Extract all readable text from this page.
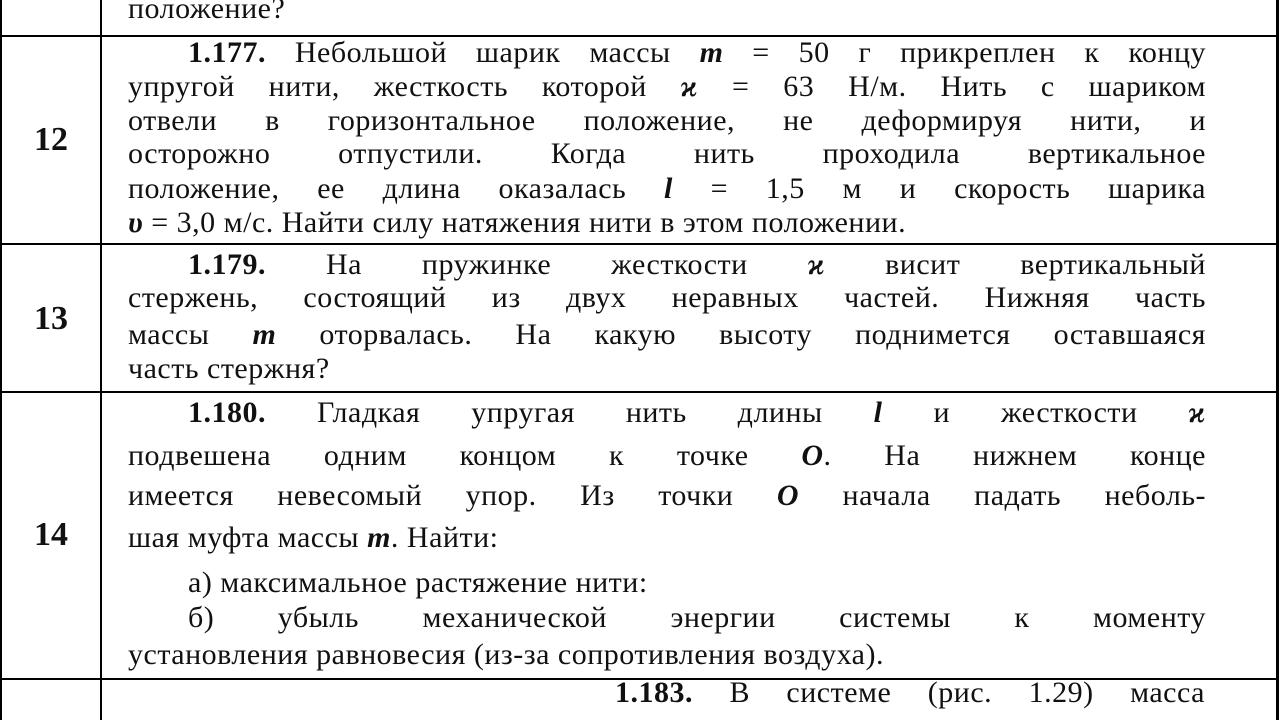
положение?
12
1.177. Небольшой шарик массы m = 50 г прикреплен к концу
упругой нити, жесткость которой ϰ = 63 Н/м. Нить с шариком
отвели в горизонтальное положение, не деформируя нити, и
осторожно отпустили. Когда нить проходила вертикальное
положение, ее длина оказалась l = 1,5 м и скорость шарика
υ = 3,0 м/с. Найти силу натяжения нити в этом положении.
13
1.179. На пружинке жесткости ϰ висит вертикальный
стержень, состоящий из двух неравных частей. Нижняя часть
массы m оторвалась. На какую высоту поднимется оставшаяся
часть стержня?
14
1.180. Гладкая упругая нить длины l и жесткости ϰ
подвешена одним концом к точке O. На нижнем конце
имеется невесомый упор. Из точки O начала падать неболь-
шая муфта массы m. Найти:
а) максимальное растяжение нити:
б) убыль механической энергии системы к моменту
установления равновесия (из-за сопротивления воздуха).
1.183. В системе (рис. 1.29) масса
